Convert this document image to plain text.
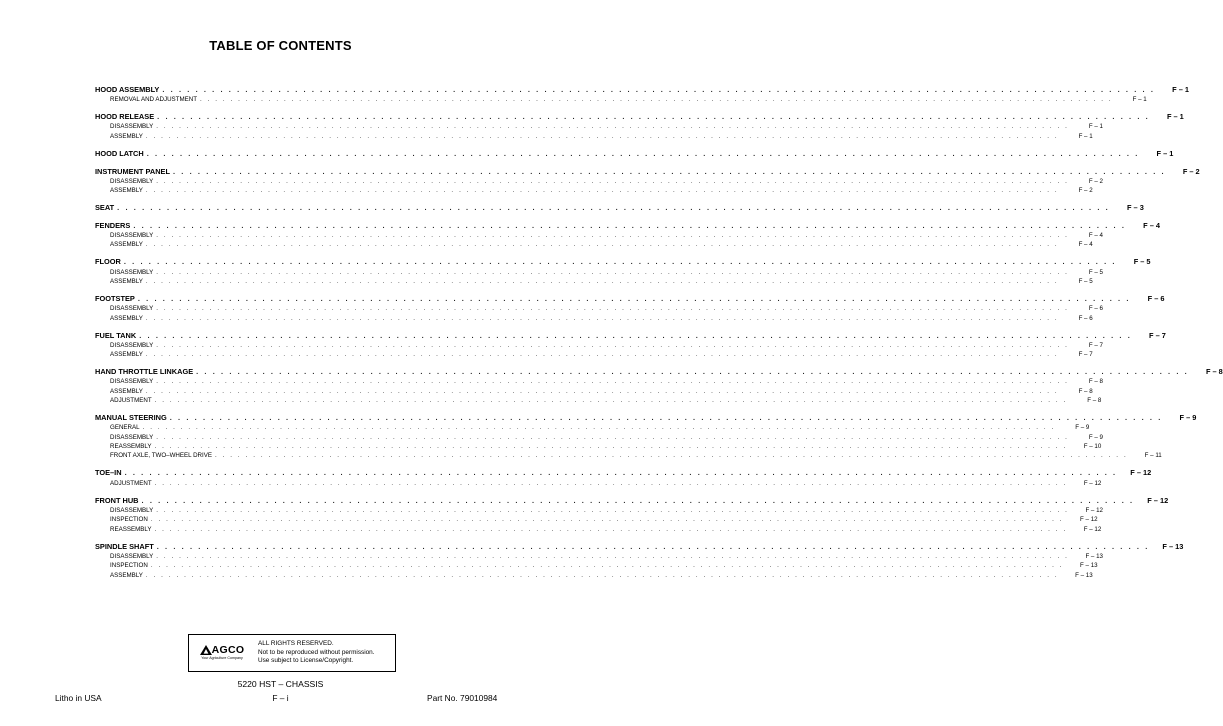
TABLE OF CONTENTS
HOOD ASSEMBLY . . . . . . . . . . . . . . . . . . . . . . . . . . . . . . . . . . . . . . . . . . . . . . . . . . . . . . . . . . . . . . . . . . . . . . . . . . . . . . . . . . . . . . . . . . . . . . . . . . . . . . . . . . . . . . . . . . . . . . . .	F – 1
REMOVAL AND ADJUSTMENT . . . . . . . . . . . . . . . . . . . . . . . . . . . . . . . . . . . . . . . . . . . . . . . . . . . . . . . . . . . . . . . . . . . . . . . . . . . . . . . . . . . . . . . . . . . . . . . . . . . . . . . . . . . . . . . . . . . . . . . .	F – 1
HOOD RELEASE . . . . . . . . . . . . . . . . . . . . . . . . . . . . . . . . . . . . . . . . . . . . . . . . . . . . . . . . . . . . . . . . . . . . . . . . . . . . . . . . . . . . . . . . . . . . . . . . . . . . . . . . . . . . . . . . . . . . . . . .	F – 1
DISASSEMBLY . . . . . . . . . . . . . . . . . . . . . . . . . . . . . . . . . . . . . . . . . . . . . . . . . . . . . . . . . . . . . . . . . . . . . . . . . . . . . . . . . . . . . . . . . . . . . . . . . . . . . . . . . . . . . . . . . . . . . . . .	F – 1
ASSEMBLY . . . . . . . . . . . . . . . . . . . . . . . . . . . . . . . . . . . . . . . . . . . . . . . . . . . . . . . . . . . . . . . . . . . . . . . . . . . . . . . . . . . . . . . . . . . . . . . . . . . . . . . . . . . . . . . . . . . . . . . .	F – 1
HOOD LATCH . . . . . . . . . . . . . . . . . . . . . . . . . . . . . . . . . . . . . . . . . . . . . . . . . . . . . . . . . . . . . . . . . . . . . . . . . . . . . . . . . . . . . . . . . . . . . . . . . . . . . . . . . . . . . . . . . . . . . . . .	F – 1
INSTRUMENT PANEL . . . . . . . . . . . . . . . . . . . . . . . . . . . . . . . . . . . . . . . . . . . . . . . . . . . . . . . . . . . . . . . . . . . . . . . . . . . . . . . . . . . . . . . . . . . . . . . . . . . . . . . . . . . . . . . . . . . . . . . .	F – 2
DISASSEMBLY . . . . . . . . . . . . . . . . . . . . . . . . . . . . . . . . . . . . . . . . . . . . . . . . . . . . . . . . . . . . . . . . . . . . . . . . . . . . . . . . . . . . . . . . . . . . . . . . . . . . . . . . . . . . . . . . . . . . . . . .	F – 2
ASSEMBLY . . . . . . . . . . . . . . . . . . . . . . . . . . . . . . . . . . . . . . . . . . . . . . . . . . . . . . . . . . . . . . . . . . . . . . . . . . . . . . . . . . . . . . . . . . . . . . . . . . . . . . . . . . . . . . . . . . . . . . . .	F – 2
SEAT . . . . . . . . . . . . . . . . . . . . . . . . . . . . . . . . . . . . . . . . . . . . . . . . . . . . . . . . . . . . . . . . . . . . . . . . . . . . . . . . . . . . . . . . . . . . . . . . . . . . . . . . . . . . . . . . . . . . . . . .	F – 3
FENDERS . . . . . . . . . . . . . . . . . . . . . . . . . . . . . . . . . . . . . . . . . . . . . . . . . . . . . . . . . . . . . . . . . . . . . . . . . . . . . . . . . . . . . . . . . . . . . . . . . . . . . . . . . . . . . . . . . . . . . . . .	F – 4
DISASSEMBLY . . . . . . . . . . . . . . . . . . . . . . . . . . . . . . . . . . . . . . . . . . . . . . . . . . . . . . . . . . . . . . . . . . . . . . . . . . . . . . . . . . . . . . . . . . . . . . . . . . . . . . . . . . . . . . . . . . . . . . . .	F – 4
ASSEMBLY . . . . . . . . . . . . . . . . . . . . . . . . . . . . . . . . . . . . . . . . . . . . . . . . . . . . . . . . . . . . . . . . . . . . . . . . . . . . . . . . . . . . . . . . . . . . . . . . . . . . . . . . . . . . . . . . . . . . . . . .	F – 4
FLOOR . . . . . . . . . . . . . . . . . . . . . . . . . . . . . . . . . . . . . . . . . . . . . . . . . . . . . . . . . . . . . . . . . . . . . . . . . . . . . . . . . . . . . . . . . . . . . . . . . . . . . . . . . . . . . . . . . . . . . . . .	F – 5
DISASSEMBLY . . . . . . . . . . . . . . . . . . . . . . . . . . . . . . . . . . . . . . . . . . . . . . . . . . . . . . . . . . . . . . . . . . . . . . . . . . . . . . . . . . . . . . . . . . . . . . . . . . . . . . . . . . . . . . . . . . . . . . . .	F – 5
ASSEMBLY . . . . . . . . . . . . . . . . . . . . . . . . . . . . . . . . . . . . . . . . . . . . . . . . . . . . . . . . . . . . . . . . . . . . . . . . . . . . . . . . . . . . . . . . . . . . . . . . . . . . . . . . . . . . . . . . . . . . . . . .	F – 5
FOOTSTEP . . . . . . . . . . . . . . . . . . . . . . . . . . . . . . . . . . . . . . . . . . . . . . . . . . . . . . . . . . . . . . . . . . . . . . . . . . . . . . . . . . . . . . . . . . . . . . . . . . . . . . . . . . . . . . . . . . . . . . . .	F – 6
DISASSEMBLY . . . . . . . . . . . . . . . . . . . . . . . . . . . . . . . . . . . . . . . . . . . . . . . . . . . . . . . . . . . . . . . . . . . . . . . . . . . . . . . . . . . . . . . . . . . . . . . . . . . . . . . . . . . . . . . . . . . . . . . .	F – 6
ASSEMBLY . . . . . . . . . . . . . . . . . . . . . . . . . . . . . . . . . . . . . . . . . . . . . . . . . . . . . . . . . . . . . . . . . . . . . . . . . . . . . . . . . . . . . . . . . . . . . . . . . . . . . . . . . . . . . . . . . . . . . . . .	F – 6
FUEL TANK . . . . . . . . . . . . . . . . . . . . . . . . . . . . . . . . . . . . . . . . . . . . . . . . . . . . . . . . . . . . . . . . . . . . . . . . . . . . . . . . . . . . . . . . . . . . . . . . . . . . . . . . . . . . . . . . . . . . . . . .	F – 7
DISASSEMBLY . . . . . . . . . . . . . . . . . . . . . . . . . . . . . . . . . . . . . . . . . . . . . . . . . . . . . . . . . . . . . . . . . . . . . . . . . . . . . . . . . . . . . . . . . . . . . . . . . . . . . . . . . . . . . . . . . . . . . . . .	F – 7
ASSEMBLY . . . . . . . . . . . . . . . . . . . . . . . . . . . . . . . . . . . . . . . . . . . . . . . . . . . . . . . . . . . . . . . . . . . . . . . . . . . . . . . . . . . . . . . . . . . . . . . . . . . . . . . . . . . . . . . . . . . . . . . .	F – 7
HAND THROTTLE LINKAGE . . . . . . . . . . . . . . . . . . . . . . . . . . . . . . . . . . . . . . . . . . . . . . . . . . . . . . . . . . . . . . . . . . . . . . . . . . . . . . . . . . . . . . . . . . . . . . . . . . . . . . . . . . . . . . . . . . . . . . . .	F – 8
DISASSEMBLY . . . . . . . . . . . . . . . . . . . . . . . . . . . . . . . . . . . . . . . . . . . . . . . . . . . . . . . . . . . . . . . . . . . . . . . . . . . . . . . . . . . . . . . . . . . . . . . . . . . . . . . . . . . . . . . . . . . . . . . .	F – 8
ASSEMBLY . . . . . . . . . . . . . . . . . . . . . . . . . . . . . . . . . . . . . . . . . . . . . . . . . . . . . . . . . . . . . . . . . . . . . . . . . . . . . . . . . . . . . . . . . . . . . . . . . . . . . . . . . . . . . . . . . . . . . . . .	F – 8
ADJUSTMENT . . . . . . . . . . . . . . . . . . . . . . . . . . . . . . . . . . . . . . . . . . . . . . . . . . . . . . . . . . . . . . . . . . . . . . . . . . . . . . . . . . . . . . . . . . . . . . . . . . . . . . . . . . . . . . . . . . . . . . . .	F – 8
MANUAL STEERING . . . . . . . . . . . . . . . . . . . . . . . . . . . . . . . . . . . . . . . . . . . . . . . . . . . . . . . . . . . . . . . . . . . . . . . . . . . . . . . . . . . . . . . . . . . . . . . . . . . . . . . . . . . . . . . . . . . . . . . .	F – 9
GENERAL . . . . . . . . . . . . . . . . . . . . . . . . . . . . . . . . . . . . . . . . . . . . . . . . . . . . . . . . . . . . . . . . . . . . . . . . . . . . . . . . . . . . . . . . . . . . . . . . . . . . . . . . . . . . . . . . . . . . . . . .	F – 9
DISASSEMBLY . . . . . . . . . . . . . . . . . . . . . . . . . . . . . . . . . . . . . . . . . . . . . . . . . . . . . . . . . . . . . . . . . . . . . . . . . . . . . . . . . . . . . . . . . . . . . . . . . . . . . . . . . . . . . . . . . . . . . . . .	F – 9
REASSEMBLY . . . . . . . . . . . . . . . . . . . . . . . . . . . . . . . . . . . . . . . . . . . . . . . . . . . . . . . . . . . . . . . . . . . . . . . . . . . . . . . . . . . . . . . . . . . . . . . . . . . . . . . . . . . . . . . . . . . . . . . .	F – 10
FRONT AXLE, TWO–WHEEL DRIVE . . . . . . . . . . . . . . . . . . . . . . . . . . . . . . . . . . . . . . . . . . . . . . . . . . . . . . . . . . . . . . . . . . . . . . . . . . . . . . . . . . . . . . . . . . . . . . . . . . . . . . . . . . . . . . . . . . . . . . . .	F – 11
TOE–IN . . . . . . . . . . . . . . . . . . . . . . . . . . . . . . . . . . . . . . . . . . . . . . . . . . . . . . . . . . . . . . . . . . . . . . . . . . . . . . . . . . . . . . . . . . . . . . . . . . . . . . . . . . . . . . . . . . . . . . . .	F – 12
ADJUSTMENT . . . . . . . . . . . . . . . . . . . . . . . . . . . . . . . . . . . . . . . . . . . . . . . . . . . . . . . . . . . . . . . . . . . . . . . . . . . . . . . . . . . . . . . . . . . . . . . . . . . . . . . . . . . . . . . . . . . . . . . .	F – 12
FRONT HUB . . . . . . . . . . . . . . . . . . . . . . . . . . . . . . . . . . . . . . . . . . . . . . . . . . . . . . . . . . . . . . . . . . . . . . . . . . . . . . . . . . . . . . . . . . . . . . . . . . . . . . . . . . . . . . . . . . . . . . . .	F – 12
DISASSEMBLY . . . . . . . . . . . . . . . . . . . . . . . . . . . . . . . . . . . . . . . . . . . . . . . . . . . . . . . . . . . . . . . . . . . . . . . . . . . . . . . . . . . . . . . . . . . . . . . . . . . . . . . . . . . . . . . . . . . . . . . .	F – 12
INSPECTION . . . . . . . . . . . . . . . . . . . . . . . . . . . . . . . . . . . . . . . . . . . . . . . . . . . . . . . . . . . . . . . . . . . . . . . . . . . . . . . . . . . . . . . . . . . . . . . . . . . . . . . . . . . . . . . . . . . . . . . .	F – 12
REASSEMBLY . . . . . . . . . . . . . . . . . . . . . . . . . . . . . . . . . . . . . . . . . . . . . . . . . . . . . . . . . . . . . . . . . . . . . . . . . . . . . . . . . . . . . . . . . . . . . . . . . . . . . . . . . . . . . . . . . . . . . . . .	F – 12
SPINDLE SHAFT . . . . . . . . . . . . . . . . . . . . . . . . . . . . . . . . . . . . . . . . . . . . . . . . . . . . . . . . . . . . . . . . . . . . . . . . . . . . . . . . . . . . . . . . . . . . . . . . . . . . . . . . . . . . . . . . . . . . . . . .	F – 13
DISASSEMBLY . . . . . . . . . . . . . . . . . . . . . . . . . . . . . . . . . . . . . . . . . . . . . . . . . . . . . . . . . . . . . . . . . . . . . . . . . . . . . . . . . . . . . . . . . . . . . . . . . . . . . . . . . . . . . . . . . . . . . . . .	F – 13
INSPECTION . . . . . . . . . . . . . . . . . . . . . . . . . . . . . . . . . . . . . . . . . . . . . . . . . . . . . . . . . . . . . . . . . . . . . . . . . . . . . . . . . . . . . . . . . . . . . . . . . . . . . . . . . . . . . . . . . . . . . . . .	F – 13
ASSEMBLY . . . . . . . . . . . . . . . . . . . . . . . . . . . . . . . . . . . . . . . . . . . . . . . . . . . . . . . . . . . . . . . . . . . . . . . . . . . . . . . . . . . . . . . . . . . . . . . . . . . . . . . . . . . . . . . . . . . . . . . .	F – 13
AGCO
Your Agriculture Company
ALL RIGHTS RESERVED.
Not to be reproduced without permission.
Use subject to License/Copyright.
5220 HST – CHASSIS
Litho in USA	F – i	Part No. 79010984
